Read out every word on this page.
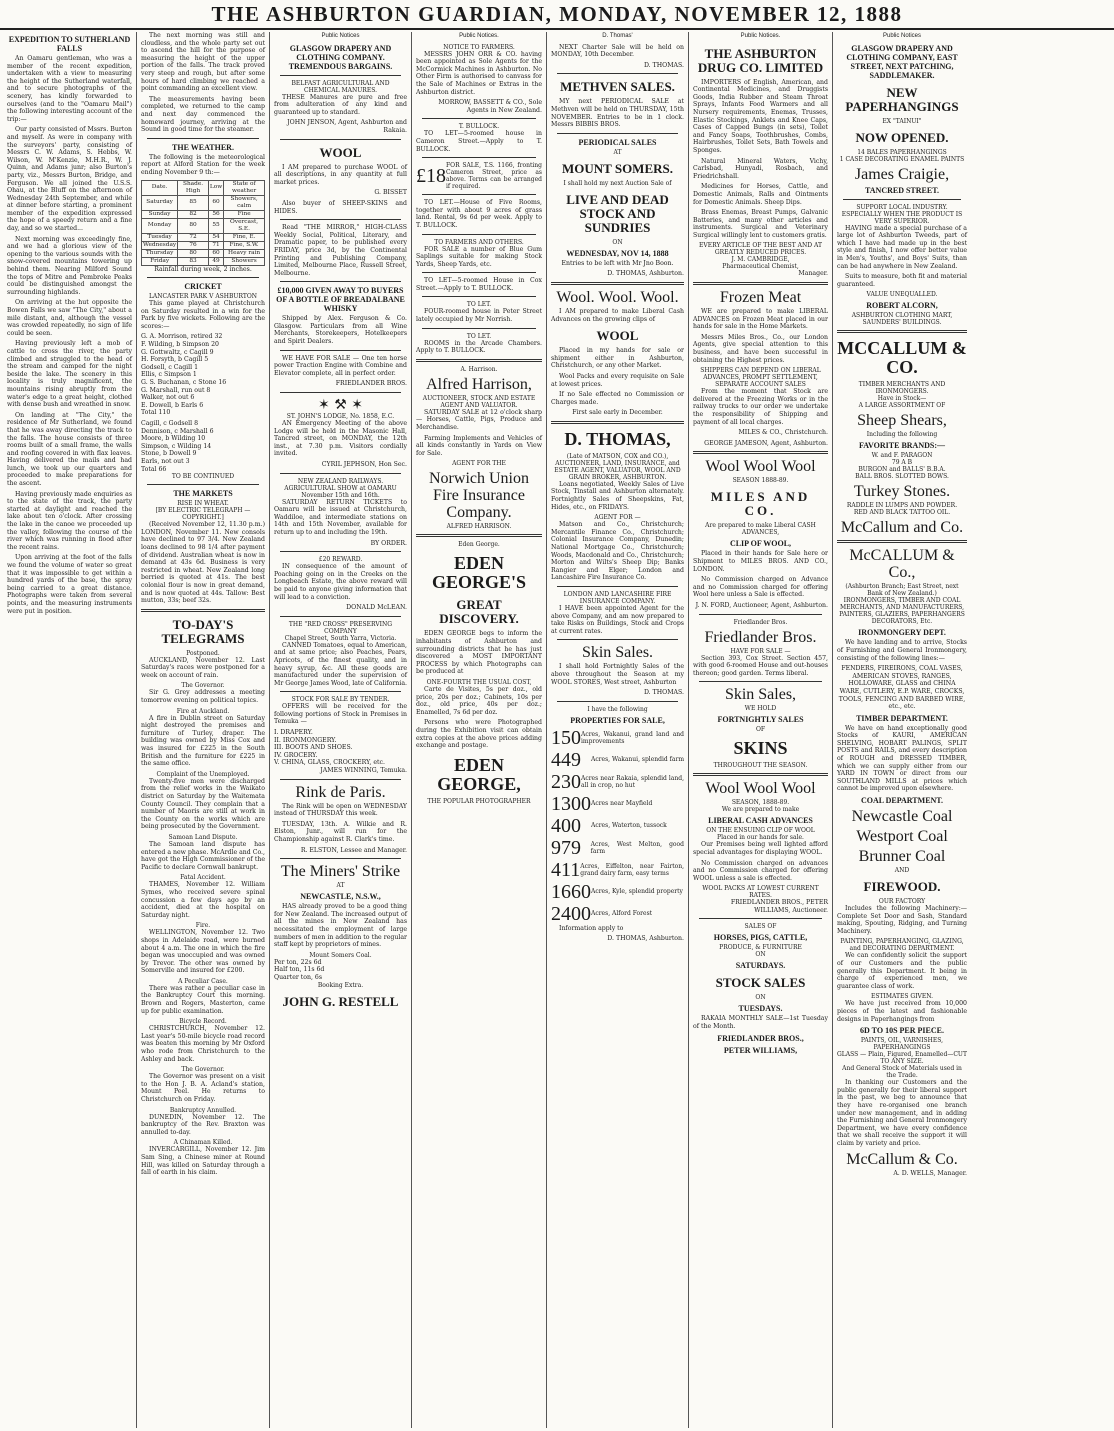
THE ASHBURTON GUARDIAN, MONDAY, NOVEMBER 12, 1888
EXPEDITION TO SUTHERLAND FALLS

An Oamaru gentleman, who was a member of the recent expedition, undertaken with a view to measuring the height of the Sutherland waterfall, and to secure photographs of the scenery, has kindly forwarded to ourselves (and to the "Oamaru Mail") the following interesting account of the trip:—

Our party consisted of Mssrs. Burton and myself. As were in company with the surveyors' party, consisting of Messrs C. W. Adams, S. Hebbs, W. Wilson, W. M'Kenzie, M.H.R., W. J. Quinn, and Adams junr; also Burton's party, viz., Messrs Burton, Bridge, and Ferguson. We all joined the U.S.S. Ohau, at the Bluff on the afternoon of Wednesday 24th September, and while at dinner before starting, a prominent member of the expedition expressed the hope of a speedy return and a fine day, and so we started...

Next morning was exceedingly fine, and we had a glorious view of the opening to the various sounds with the snow-covered mountains towering up behind them. Nearing Milford Sound the tops of Mitre and Pembroke Peaks could be distinguished amongst the surrounding highlands.

On arriving at the hut opposite the Bowen Falls we saw "The City," about a mile distant, and, although the vessel was crowded repeatedly, no sign of life could be seen.

Having previously left a mob of cattle to cross the river, the party climbed and struggled to the head of the stream and camped for the night beside the lake. The scenery in this locality is truly magnificent, the mountains rising abruptly from the water's edge to a great height, clothed with dense bush and wreathed in snow.

On landing at "The City," the residence of Mr Sutherland, we found that he was away directing the track to the falls. The house consists of three rooms built of a small frame, the walls and roofing covered in with flax leaves. Having delivered the mails and had lunch, we took up our quarters and proceeded to make preparations for the ascent.

Having previously made enquiries as to the state of the track, the party started at daylight and reached the lake about ten o'clock. After crossing the lake in the canoe we proceeded up the valley, following the course of the river which was running in flood after the recent rains.

Upon arriving at the foot of the falls we found the volume of water so great that it was impossible to get within a hundred yards of the base, the spray being carried to a great distance. Photographs were taken from several points, and the measuring instruments were put in position.

The next morning was still and cloudless, and the whole party set out to ascend the hill for the purpose of measuring the height of the upper portion of the falls. The track proved very steep and rough, but after some hours of hard climbing we reached a point commanding an excellent view.

The measurements having been completed, we returned to the camp and next day commenced the homeward journey, arriving at the Sound in good time for the steamer.

THE WEATHER.

The following is the meteorological report at Alford Station for the week ending November 9 th:—

Date.	Shade. High	Low	State of weather
Saturday	85	60	Showers, calm
Sunday	82	56	Fine
Monday	80	55	Overcast, S.E.
Tuesday	72	54	Fine, E.
Wednesday	76	71	Fine, S.W.
Thursday	80	60	Heavy rain
Friday	83	49	Showers

Rainfall during week, 2 inches.

CRICKET
LANCASTER PARK V ASHBURTON

This game played at Christchurch on Saturday resulted in a win for the Park by five wickets. Following are the scores:—

G. A. Morrison, retired 32
F. Wilding, b Simpson 20
G. Gottwaltz, c Cagill 9
H. Forsyth, b Cagill 5
Godsell, c Cagill 1
Ellis, c Simpson 1
G. S. Buchanan, c Stone 16
G. Marshall, run out 8
Walker, not out 6
E. Dowell, b Earls 6
Total 110
Cagill, c Godsell 8
Dennison, c Marshall 6
Moore, b Wilding 10
Simpson, c Wilding 14
Stone, b Dowell 9
Earls, not out 3
Total 66
TO BE CONTINUED
THE MARKETS
RISE IN WHEAT.
[BY ELECTRIC TELEGRAPH — COPYRIGHT.]

(Received November 12, 11.30 p.m.) LONDON, November 11. New consols have declined to 97 3/4. New Zealand loans declined to 98 1/4 after payment of dividend. Australian wheat is now in demand at 43s 6d. Business is very restricted in wheat. New Zealand long berried is quoted at 41s. The best colonial flour is now in great demand, and is now quoted at 44s. Tallow: Best mutton, 33s; beef 32s.

TO-DAY'S TELEGRAMS
Postponed.

AUCKLAND, November 12. Last Saturday's races were postponed for a week on account of rain.

The Governor.

Sir G. Grey addresses a meeting tomorrow evening on political topics.

Fire at Auckland.

A fire in Dublin street on Saturday night destroyed the premises and furniture of Turley, draper. The building was owned by Miss Cox and was insured for £225 in the South British and the furniture for £225 in the same office.

Complaint of the Unemployed.

Twenty-five men were discharged from the relief works in the Waikato district on Saturday by the Waitemata County Council. They complain that a number of Maoris are still at work in the County on the works which are being prosecuted by the Government.

Samoan Land Dispute.

The Samoan land dispute has entered a new phase. McArdle and Co., have got the High Commissioner of the Pacific to declare Cornwall bankrupt.

Fatal Accident.

THAMES, November 12. William Symes, who received severe spinal concussion a few days ago by an accident, died at the hospital on Saturday night.

Fire.

WELLINGTON, November 12. Two shops in Adelaide road, were burned about 4 a.m. The one in which the fire began was unoccupied and was owned by Trevor. The other was owned by Somerville and insured for £200.

A Peculiar Case.

There was rather a peculiar case in the Bankruptcy Court this morning. Brown and Rogers, Masterton, came up for public examination.

Bicycle Record.

CHRISTCHURCH, November 12. Last year's 50-mile bicycle road record was beaten this morning by Mr Oxford who rode from Christchurch to the Ashley and back.

The Governor.

The Governor was present on a visit to the Hon J. B. A. Acland's station, Mount Peel. He returns to Christchurch on Friday.

Bankruptcy Annulled.

DUNEDIN, November 12. The bankruptcy of the Rev. Braxton was annulled to-day.

A Chinaman Killed.

INVERCARGILL, November 12. Jim Sam Sing, a Chinese miner at Round Hill, was killed on Saturday through a fall of earth in his claim.

Public Notices
GLASGOW DRAPERY AND CLOTHING COMPANY. TREMENDOUS BARGAINS.
BELFAST AGRICULTURAL AND CHEMICAL MANURES.

THESE Manures are pure and free from adulteration of any kind and guaranteed up to standard.

JOHN JENSON, Agent, Ashburton and Rakaia.

WOOL

I AM prepared to purchase WOOL of all descriptions, in any quantity at full market prices.

G. BISSET

Also buyer of SHEEP-SKINS and HIDES.

Read "THE MIRROR," HIGH-CLASS Weekly Social, Political, Literary, and Dramatic paper, to be published every FRIDAY, price 3d, by the Continental Printing and Publishing Company, Limited, Melbourne Place, Russell Street, Melbourne.

£10,000 GIVEN AWAY TO BUYERS OF A BOTTLE OF BREADALBANE WHISKY

Shipped by Alex. Ferguson & Co. Glasgow. Particulars from all Wine Merchants, Storekeepers, Hotelkeepers and Spirit Dealers.

WE HAVE FOR SALE — One ten horse power Traction Engine with Combine and Elevator complete, all in perfect order.

FRIEDLANDER BROS.

✶ ⚒ ✶
ST. JOHN'S LODGE, No. 1858, E.C.

AN Emergency Meeting of the above Lodge will be held in the Masonic Hall, Tancred street, on MONDAY, the 12th inst., at 7.30 p.m. Visitors cordially invited.

CYRIL JEPHSON, Hon Sec.

NEW ZEALAND RAILWAYS.
AGRICULTURAL SHOW at OAMARU November 15th and 16th.

SATURDAY RETURN TICKETS to Oamaru will be issued at Christchurch, Waddiloe, and intermediate stations on 14th and 15th November, available for return up to and including the 19th.

BY ORDER.

£20 REWARD.

IN consequence of the amount of Poaching going on in the Creeks on the Longbeach Estate, the above reward will be paid to anyone giving information that will lead to a conviction.

DONALD McLEAN.

THE "RED CROSS" PRESERVING COMPANY
Chapel Street, South Yarra, Victoria.

CANNED Tomatoes, equal to American, and at same price; also Peaches, Pears, Apricots, of the finest quality, and in heavy syrup, &c. All these goods are manufactured under the supervision of Mr George James Wood, late of California.

STOCK FOR SALE BY TENDER.

OFFERS will be received for the following portions of Stock in Premises in Temuka —

I. DRAPERY.
II. IRONMONGERY.
III. BOOTS AND SHOES.
IV. GROCERY.
V. CHINA, GLASS, CROCKERY, etc.

JAMES WINNING, Temuka.

Rink de Paris.

The Rink will be open on WEDNESDAY instead of THURSDAY this week.

TUESDAY, 13th. A. Wilkie and R. Elston, Junr., will run for the Championship against R. Clark's time.

R. ELSTON, Lessee and Manager.

The Miners' Strike
AT
NEWCASTLE, N.S.W.,

HAS already proved to be a good thing for New Zealand. The increased output of all the mines in New Zealand has necessitated the employment of large numbers of men in addition to the regular staff kept by proprietors of mines.

Mount Somers Coal.
Per ton, 22s 6d
Half ton, 11s 6d
Quarter ton, 6s
Booking Extra.
JOHN G. RESTELL
Public Notices.
NOTICE TO FARMERS.

MESSRS JOHN ORR & CO. having been appointed as Sole Agents for the McCormick Machines in Ashburton. No Other Firm is authorised to canvass for the Sale of Machines or Extras in the Ashburton district.

MORROW, BASSETT & CO., Sole Agents in New Zealand.

T. BULLOCK.

TO LET—5-roomed house in Cameron Street.—Apply to T. BULLOCK.

£18 FOR SALE, T.S. 1166, fronting Cameron Street, price as above. Terms can be arranged if required.

TO LET.—House of Five Rooms, together with about 9 acres of grass land. Rental, 9s 6d per week. Apply to T. BULLOCK.

TO FARMERS AND OTHERS.

FOR SALE a number of Blue Gum Saplings suitable for making Stock Yards, Sheep Yards, etc.

TO LET—5-roomed House in Cox Street.—Apply to T. BULLOCK.

TO LET.

FOUR-roomed house in Peter Street lately occupied by Mr Norrish.

TO LET.

ROOMS in the Arcade Chambers. Apply to T. BULLOCK.

A. Harrison.
Alfred Harrison,
AUCTIONEER, STOCK AND ESTATE AGENT AND VALUATOR.

SATURDAY SALE at 12 o'clock sharp — Horses, Cattle, Pigs, Produce and Merchandise.

Farming Implements and Vehicles of all kinds constantly in Yards on View for Sale.

AGENT FOR THE
Norwich Union Fire Insurance Company.
ALFRED HARRISON.
Eden George.
EDEN GEORGE'S
GREAT DISCOVERY.

EDEN GEORGE begs to inform the inhabitants of Ashburton and surrounding districts that he has just discovered a MOST IMPORTANT PROCESS by which Photographs can be produced at

ONE-FOURTH THE USUAL COST,

Carte de Visites, 5s per doz., old price, 20s per doz.; Cabinets, 10s per doz., old price, 40s per doz.; Enamelled, 7s 6d per doz.

Persons who were Photographed during the Exhibition visit can obtain extra copies at the above prices adding exchange and postage.

EDEN GEORGE,
THE POPULAR PHOTOGRAPHER
D. Thomas'

NEXT Charter Sale will be held on MONDAY, 10th December.

D. THOMAS.

METHVEN SALES.

MY next PERIODICAL SALE at Methven will be held on THURSDAY, 15th NOVEMBER. Entries to be in 1 clock. Messrs BIBBIS BROS.

PERIODICAL SALES
AT
MOUNT SOMERS.
I shall hold my next Auction Sale of
LIVE AND DEAD STOCK AND SUNDRIES
ON
WEDNESDAY, NOV 14, 1888

Entries to be left with Mr Jno Boon.

D. THOMAS, Ashburton.

Wool. Wool. Wool.

I AM prepared to make Liberal Cash Advances on the growing clips of

WOOL

Placed in my hands for sale or shipment either in Ashburton, Christchurch, or any other Market.

Wool Packs and every requisite on Sale at lowest prices.

If no Sale effected no Commission or Charges made.

First sale early in December.

D. THOMAS,
(Late of MATSON, COX and CO.),
AUCTIONEER, LAND, INSURANCE, and ESTATE AGENT, VALUATOR, WOOL AND GRAIN BROKER, ASHBURTON.

Loans negotiated, Weekly Sales of Live Stock, Tinstall and Ashburton alternately. Fortnightly Sales of Sheepskins, Fat, Hides, etc., on FRIDAYS.

AGENT FOR —

Matson and Co., Christchurch; Mercantile Finance Co., Christchurch; Colonial Insurance Company, Dunedin; National Mortgage Co., Christchurch; Woods, Macdonald and Co., Christchurch; Morton and Wilts's Sheep Dip; Banks Rangier and Elger; London and Lancashire Fire Insurance Co.

LONDON AND LANCASHIRE FIRE INSURANCE COMPANY.

I HAVE been appointed Agent for the above Company, and am now prepared to take Risks on Buildings, Stock and Crops at current rates.

Skin Sales.

I shall hold Fortnightly Sales of the above throughout the Season at my WOOL STORES, West street, Ashburton

D. THOMAS.

I have the following
PROPERTIES FOR SALE,
150 Acres, Wakanui, grand land and improvements
449	Acres, Wakanui, splendid farm
230 Acres near Rakaia, splendid land, all in crop, no hut
1300 Acres near Mayfield
400	Acres, Waterton, tussock
979	Acres, West Melton, good farm
411 Acres, Eiffelton, near Fairton, grand dairy farm, easy terms
1660 Acres, Kyle, splendid property
2400 Acres, Alford Forest

Information apply to

D. THOMAS, Ashburton.

Public Notices.
THE ASHBURTON DRUG CO. LIMITED

IMPORTERS of English, American, and Continental Medicines, and Druggists Goods, India Rubber and Steam Throat Sprays, Infants Food Warmers and all Nursery requirements, Enemas, Trusses, Elastic Stockings, Anklets and Knee Caps, Cases of Capped Bungs (in sets), Toilet and Fancy Soaps, Toothbrushes, Combs, Hairbrushes, Toilet Sets, Bath Towels and Sponges.

Natural Mineral Waters, Vichy, Carlsbad, Hunyadi, Rosbach, and Friedrichshall.

Medicines for Horses, Cattle, and Domestic Animals, Ralls and Ointments for Domestic Animals. Sheep Dips.

Brass Enemas, Breast Pumps, Galvanic Batteries, and many other articles and instruments. Surgical and Veterinary Surgical willingly lent to customers gratis.

EVERY ARTICLE OF THE BEST AND AT GREATLY REDUCED PRICES.
J. M. CAMBRIDGE,
Pharmaceutical Chemist,

Manager.

Frozen Meat

WE are prepared to make LIBERAL ADVANCES on Frozen Meat placed in our hands for sale in the Home Markets.

Messrs Miles Bros., Co., our London Agents, give special attention to this business, and have been successful in obtaining the Highest prices.

SHIPPERS CAN DEPEND ON LIBERAL ADVANCES, PROMPT SETTLEMENT, SEPARATE ACCOUNT SALES

From the moment that Stock are delivered at the Freezing Works or in the railway trucks to our order we undertake the responsibility of Shipping and payment of all local charges.

MILES & CO., Christchurch.

GEORGE JAMESON, Agent, Ashburton.

Wool Wool Wool
SEASON 1888-89.
MILES AND CO.
Are prepared to make Liberal CASH ADVANCES,
CLIP OF WOOL,

Placed in their hands for Sale here or Shipment to MILES BROS. AND CO., LONDON.

No Commission charged on Advance and no Commission charged for offering Wool here unless a Sale is effected.

J. N. FORD, Auctioneer, Agent, Ashburton.

Friedlander Bros.
Friedlander Bros.
HAVE FOR SALE —

Section 393, Cox Street. Section 457, with good 6-roomed House and out-houses thereon; good garden. Terms liberal.

Skin Sales,
WE HOLD
FORTNIGHTLY SALES
OF
SKINS
THROUGHOUT THE SEASON.
Wool Wool Wool
SEASON, 1888-89.
We are prepared to make
LIBERAL CASH ADVANCES
ON THE ENSUING CLIP OF WOOL
Placed in our hands for sale.

Our Premises being well lighted afford special advantages for displaying WOOL.

No Commission charged on advances and no Commission charged for offering WOOL unless a sale is effected.

WOOL PACKS AT LOWEST CURRENT RATES.

FRIEDLANDER BROS., PETER WILLIAMS, Auctioneer.

SALES OF
HORSES, PIGS, CATTLE,
PRODUCE, & FURNITURE
ON
SATURDAYS.
STOCK SALES
ON
TUESDAYS.

RAKAIA MONTHLY SALE—1st Tuesday of the Month.

FRIEDLANDER BROS.,
PETER WILLIAMS,
Public Notices
GLASGOW DRAPERY AND CLOTHING COMPANY, EAST STREET, NEXT PATCHING, SADDLEMAKER.
NEW PAPERHANGINGS
EX "TAINUI"
NOW OPENED.
14 BALES PAPERHANGINGS
1 CASE DECORATING ENAMEL PAINTS
James Craigie,
TANCRED STREET.
SUPPORT LOCAL INDUSTRY.
ESPECIALLY WHEN THE PRODUCT IS VERY SUPERIOR.

HAVING made a special purchase of a large lot of Ashburton Tweeds, part of which I have had made up in the best style and finish, I now offer better value in Men's, Youths', and Boys' Suits, than can be had anywhere in New Zealand.

Suits to measure, both fit and material guaranteed.

VALUE UNEQUALLED.
ROBERT ALCORN,
ASHBURTON CLOTHING MART, SAUNDERS' BUILDINGS.
MCCALLUM & CO.
TIMBER MERCHANTS AND IRONMONGERS.
Have in Stock—
A LARGE ASSORTMENT OF
Sheep Shears,
Including the following
FAVORITE BRANDS:—
W. and F. PARAGON
79 A B
BURGON and BALLS' B.B.A.
BALL BROS. SLOTTED BOWS.
Turkey Stones.
RADDLE IN LUMPS AND POWDER.
RED AND BLACK TATTOO OIL.
McCallum and Co.
McCALLUM & Co.,
(Ashburton Branch; East Street, next Bank of New Zealand.)
IRONMONGERS, TIMBER AND COAL MERCHANTS, AND MANUFACTURERS,
PAINTERS, GLAZIERS, PAPERHANGERS DECORATORS, Etc.
IRONMONGERY DEPT.

We have landing and to arrive, Stocks of Furnishing and General Ironmongery, consisting of the following lines:—

FENDERS, FIREIRONS, COAL VASES, AMERICAN STOVES, RANGES, HOLLOWARE, GLASS and CHINA WARE, CUTLERY, E.P. WARE, CROCKS, TOOLS, FENCING AND BARBED WIRE, etc., etc.

TIMBER DEPARTMENT.

We have on hand exceptionally good Stocks of KAURI, AMERICAN SHELVING, HOBART PALINGS, SPLIT POSTS and RAILS, and every description of ROUGH and DRESSED TIMBER, which we can supply either from our YARD IN TOWN or direct from our SOUTHLAND MILLS at prices which cannot be improved upon elsewhere.

COAL DEPARTMENT.
Newcastle Coal
Westport Coal
Brunner Coal
AND
FIREWOOD.
OUR FACTORY

Includes the following Machinery:— Complete Set Door and Sash, Standard making, Spouting, Ridging, and Turning Machinery.

PAINTING, PAPERHANGING, GLAZING, and DECORATING DEPARTMENT.

We can confidently solicit the support of our Customers and the public generally this Department. It being in charge of experienced men, we guarantee class of work.

ESTIMATES GIVEN.

We have just received from 10,000 pieces of the latest and fashionable designs in Paperhangings from

6D TO 10S PER PIECE.
PAINTS, OIL, VARNISHES, PAPERHANGINGS
GLASS — Plain, Figured, Enamelled—CUT TO ANY SIZE.
And General Stock of Materials used in the Trade.

In thanking our Customers and the public generally for their liberal support in the past, we beg to announce that they have re-organised one branch under new management, and in adding the Furnishing and General Ironmongery Department, we have every confidence that we shall receive the support it will claim by variety and price.

McCallum & Co.

A. D. WELLS, Manager.
